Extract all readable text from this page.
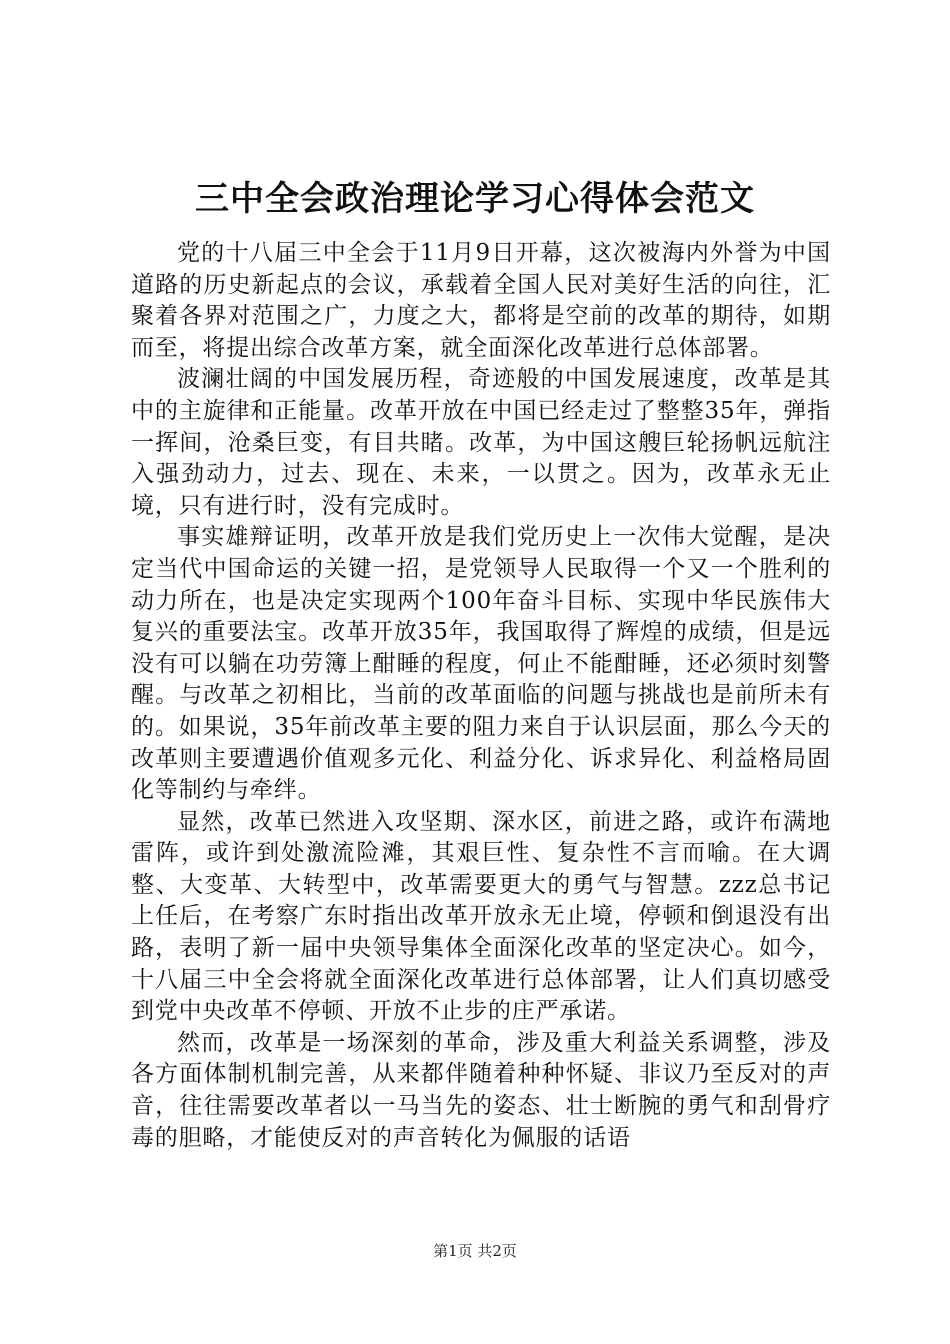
三中全会政治理论学习心得体会范文

党的十八届三中全会于11月9日开幕，这次被海内外誉为中国道路的历史新起点的会议，承载着全国人民对美好生活的向往，汇聚着各界对范围之广，力度之大，都将是空前的改革的期待，如期而至，将提出综合改革方案，就全面深化改革进行总体部署。

波澜壮阔的中国发展历程，奇迹般的中国发展速度，改革是其中的主旋律和正能量。改革开放在中国已经走过了整整35年，弹指一挥间，沧桑巨变，有目共睹。改革，为中国这艘巨轮扬帆远航注入强劲动力，过去、现在、未来，一以贯之。因为，改革永无止境，只有进行时，没有完成时。

事实雄辩证明，改革开放是我们党历史上一次伟大觉醒，是决定当代中国命运的关键一招，是党领导人民取得一个又一个胜利的动力所在，也是决定实现两个100年奋斗目标、实现中华民族伟大复兴的重要法宝。改革开放35年，我国取得了辉煌的成绩，但是远没有可以躺在功劳簿上酣睡的程度，何止不能酣睡，还必须时刻警醒。与改革之初相比，当前的改革面临的问题与挑战也是前所未有的。如果说，35年前改革主要的阻力来自于认识层面，那么今天的改革则主要遭遇价值观多元化、利益分化、诉求异化、利益格局固化等制约与牵绊。

显然，改革已然进入攻坚期、深水区，前进之路，或许布满地雷阵，或许到处激流险滩，其艰巨性、复杂性不言而喻。在大调整、大变革、大转型中，改革需要更大的勇气与智慧。zzz总书记上任后，在考察广东时指出改革开放永无止境，停顿和倒退没有出路，表明了新一届中央领导集体全面深化改革的坚定决心。如今，十八届三中全会将就全面深化改革进行总体部署，让人们真切感受到党中央改革不停顿、开放不止步的庄严承诺。

然而，改革是一场深刻的革命，涉及重大利益关系调整，涉及各方面体制机制完善，从来都伴随着种种怀疑、非议乃至反对的声音，往往需要改革者以一马当先的姿态、壮士断腕的勇气和刮骨疗毒的胆略，才能使反对的声音转化为佩服的话语

第1页 共2页
